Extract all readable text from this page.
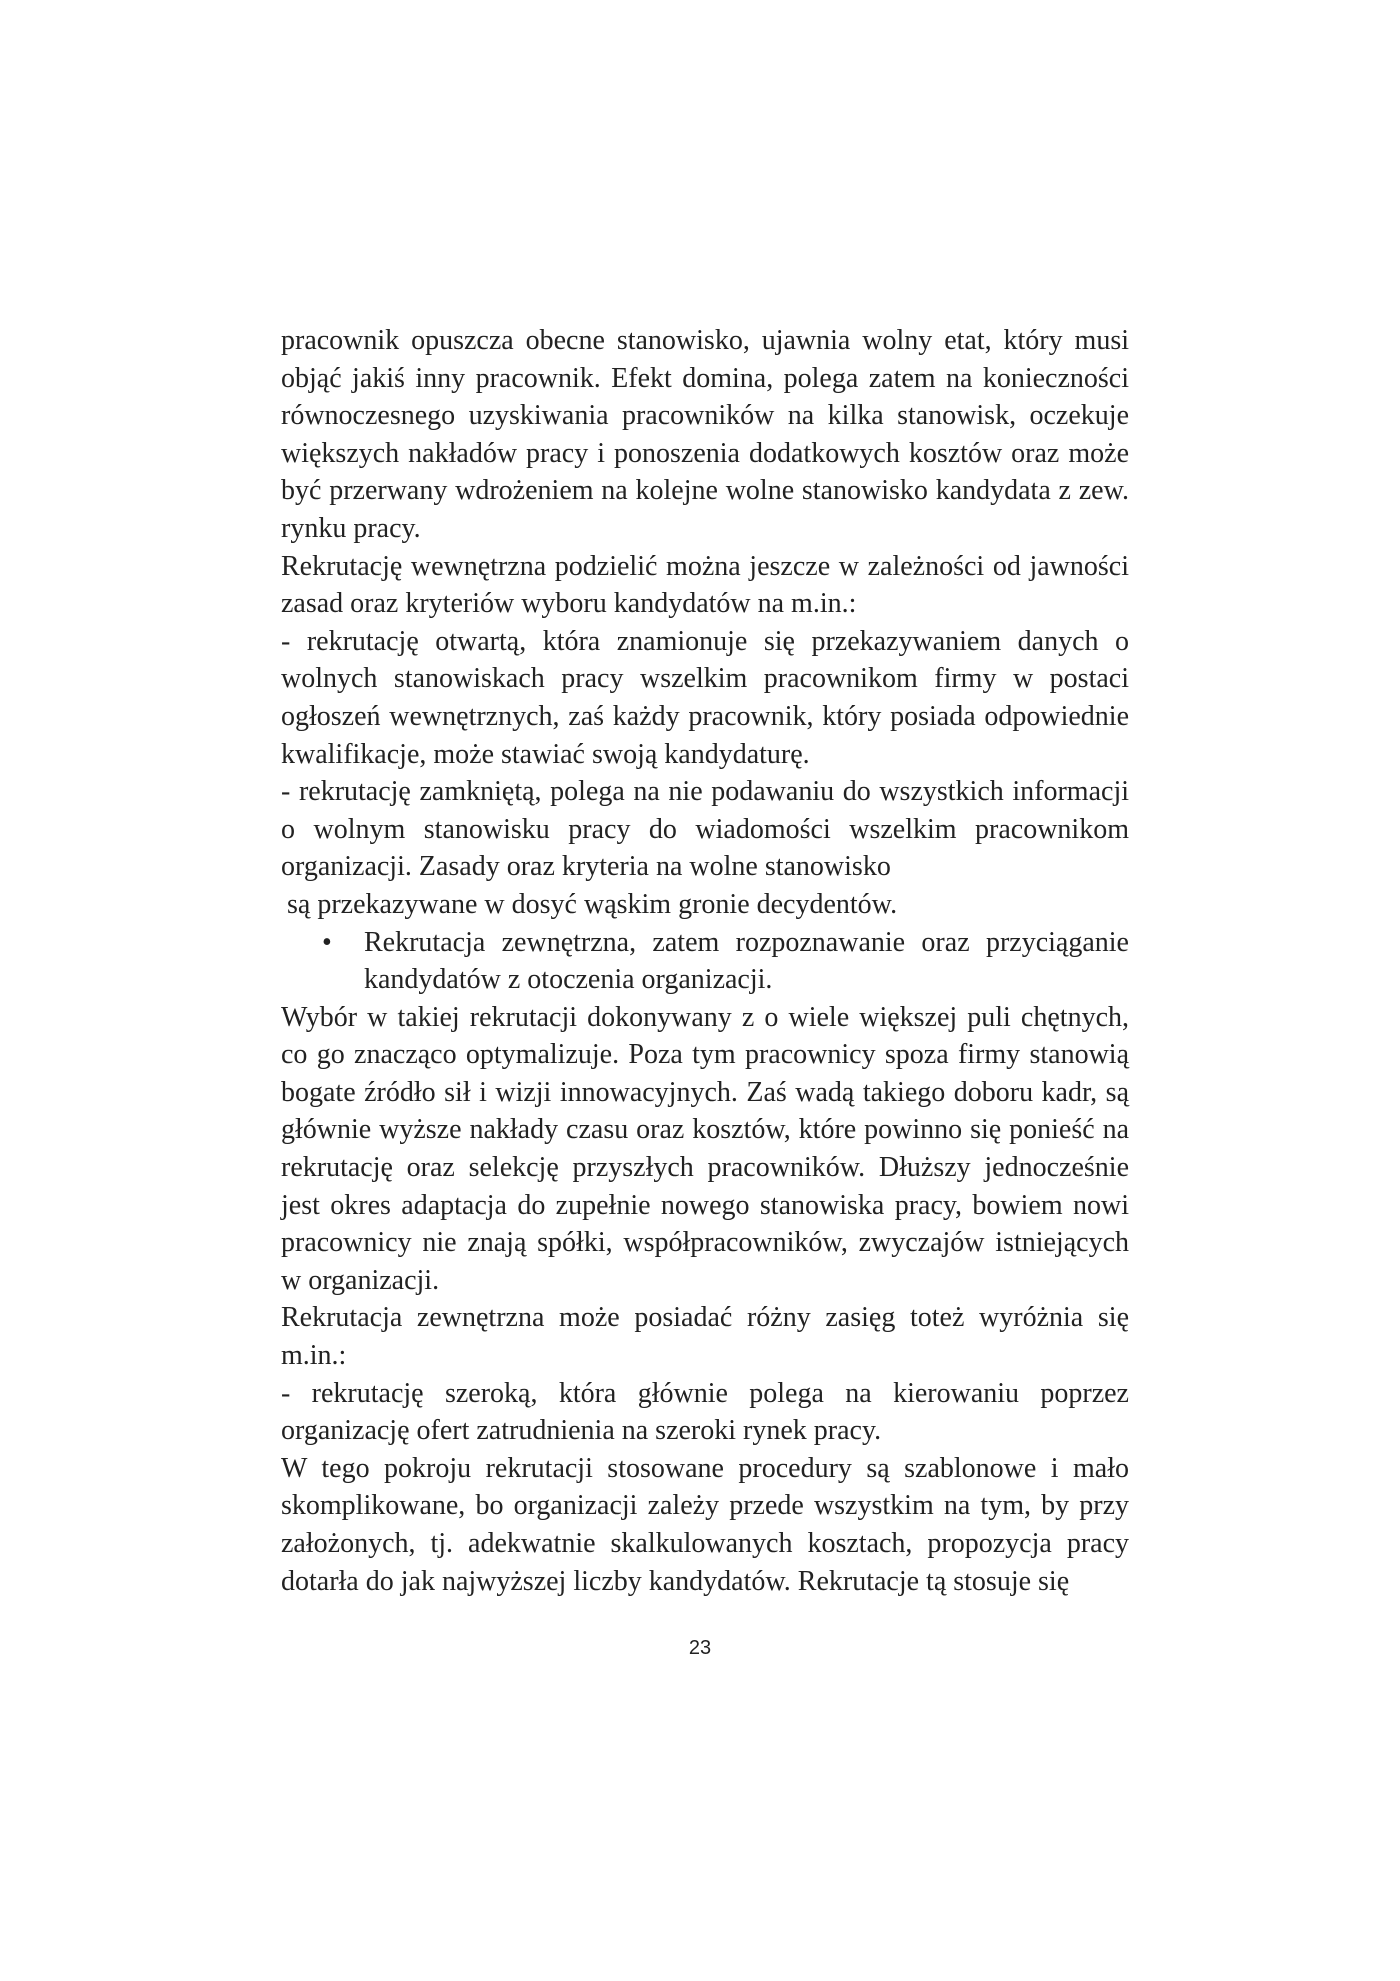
pracownik opuszcza obecne stanowisko, ujawnia wolny etat, który musi objąć jakiś inny pracownik. Efekt domina, polega zatem na konieczności równoczesnego uzyskiwania pracowników na kilka stanowisk, oczekuje większych nakładów pracy i ponoszenia dodatkowych kosztów oraz może być przerwany wdrożeniem na kolejne wolne stanowisko kandydata z zew. rynku pracy.

Rekrutację wewnętrzna podzielić można jeszcze w zależności od jawności zasad oraz kryteriów wyboru kandydatów na m.in.:

- rekrutację otwartą, która znamionuje się przekazywaniem danych o wolnych stanowiskach pracy wszelkim pracownikom firmy w postaci ogłoszeń wewnętrznych, zaś każdy pracownik, który posiada odpowiednie kwalifikacje, może stawiać swoją kandydaturę.

- rekrutację zamkniętą, polega na nie podawaniu do wszystkich informacji o wolnym stanowisku pracy do wiadomości wszelkim pracownikom organizacji. Zasady oraz kryteria na wolne stanowisko

są przekazywane w dosyć wąskim gronie decydentów.

• Rekrutacja zewnętrzna, zatem rozpoznawanie oraz przyciąganie kandydatów z otoczenia organizacji.

Wybór w takiej rekrutacji dokonywany z o wiele większej puli chętnych, co go znacząco optymalizuje. Poza tym pracownicy spoza firmy stanowią bogate źródło sił i wizji innowacyjnych. Zaś wadą takiego doboru kadr, są głównie wyższe nakłady czasu oraz kosztów, które powinno się ponieść na rekrutację oraz selekcję przyszłych pracowników. Dłuższy jednocześnie jest okres adaptacja do zupełnie nowego stanowiska pracy, bowiem nowi pracownicy nie znają spółki, współpracowników, zwyczajów istniejących w organizacji.

Rekrutacja zewnętrzna może posiadać różny zasięg toteż wyróżnia się m.in.:

- rekrutację szeroką, która głównie polega na kierowaniu poprzez organizację ofert zatrudnienia na szeroki rynek pracy.

W tego pokroju rekrutacji stosowane procedury są szablonowe i mało skomplikowane, bo organizacji zależy przede wszystkim na tym, by przy założonych, tj. adekwatnie skalkulowanych kosztach, propozycja pracy dotarła do jak najwyższej liczby kandydatów. Rekrutacje tą stosuje się

23
